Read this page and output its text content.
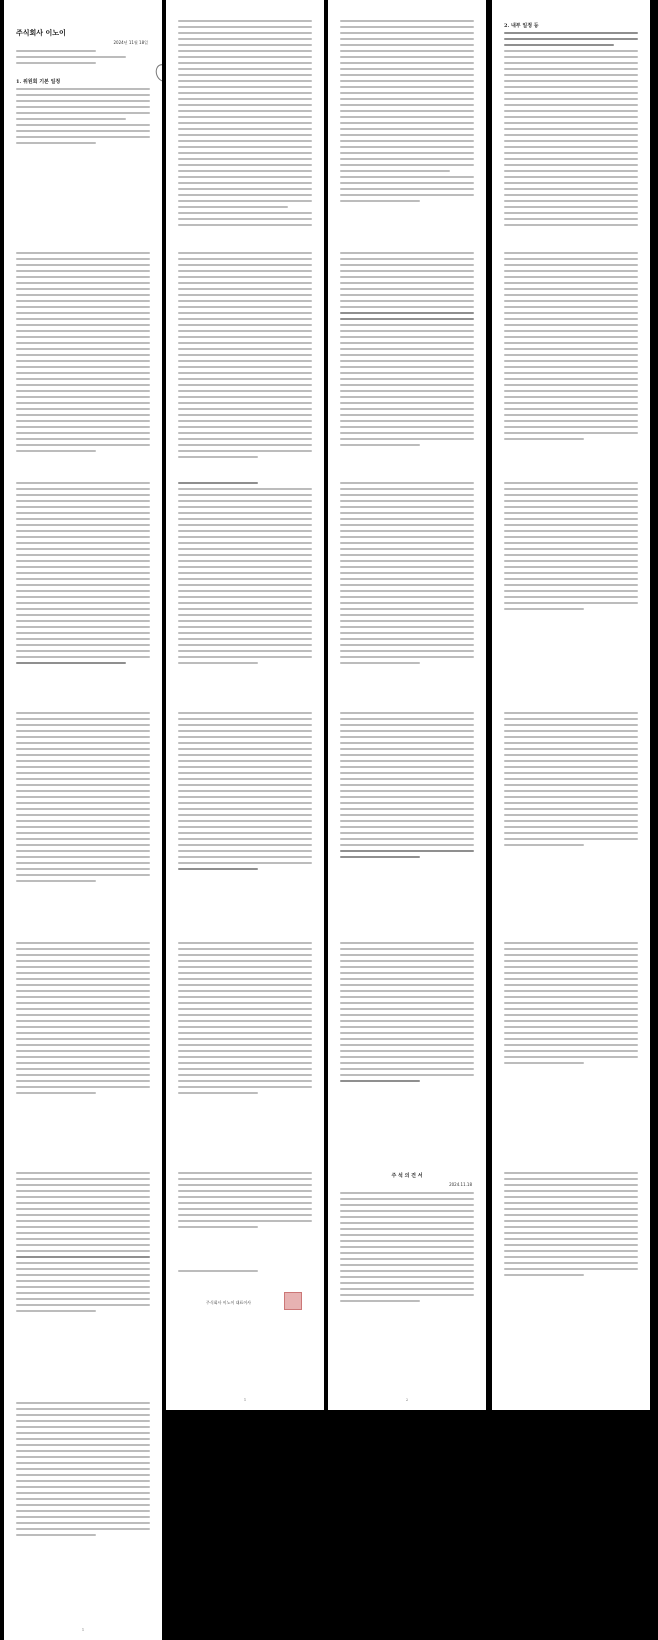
주식회사 이노이
2024년 11월 18일
1. 위원회 기본 일정
2. 내부 일정 등
주식회사 이노이 대표이사
1
주 석 의 견 서
2024.11.18
2
1
